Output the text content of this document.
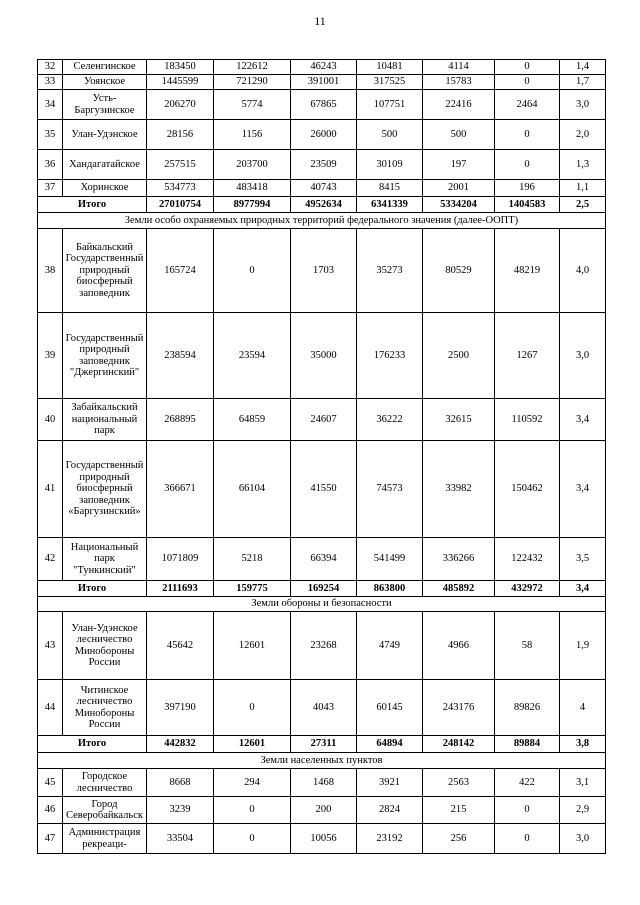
11
32	Селенгинское	183450	122612	46243	10481	4114	0	1,4
33	Уоянское	1445599	721290	391001	317525	15783	0	1,7
34	Усть-Баргузинское	206270	5774	67865	107751	22416	2464	3,0
35	Улан-Удэнское	28156	1156	26000	500	500	0	2,0
36	Хандагатайское	257515	203700	23509	30109	197	0	1,3
37	Хоринское	534773	483418	40743	8415	2001	196	1,1
Итого		27010754	8977994	4952634	6341339	5334204	1404583	2,5
Земли особо охраняемых природных территорий федерального значения (далее-ООПТ)								
38	Байкальский Государственный природный биосферный заповедник	165724	0	1703	35273	80529	48219	4,0
39	Государственный природный заповедник "Джергинский"	238594	23594	35000	176233	2500	1267	3,0
40	Забайкальский национальный парк	268895	64859	24607	36222	32615	110592	3,4
41	Государственный природный биосферный заповедник «Баргузинский»	366671	66104	41550	74573	33982	150462	3,4
42	Национальный парк "Тункинский"	1071809	5218	66394	541499	336266	122432	3,5
Итого		2111693	159775	169254	863800	485892	432972	3,4
Земли обороны и безопасности								
43	Улан-Удэнское лесничество Минобороны России	45642	12601	23268	4749	4966	58	1,9
44	Читинское лесничество Минобороны России	397190	0	4043	60145	243176	89826	4
Итого		442832	12601	27311	64894	248142	89884	3,8
Земли населенных пунктов								
45	Городское лесничество	8668	294	1468	3921	2563	422	3,1
46	Город Северобайкальск	3239	0	200	2824	215	0	2,9
47	Администрация рекреаци-	33504	0	10056	23192	256	0	3,0
